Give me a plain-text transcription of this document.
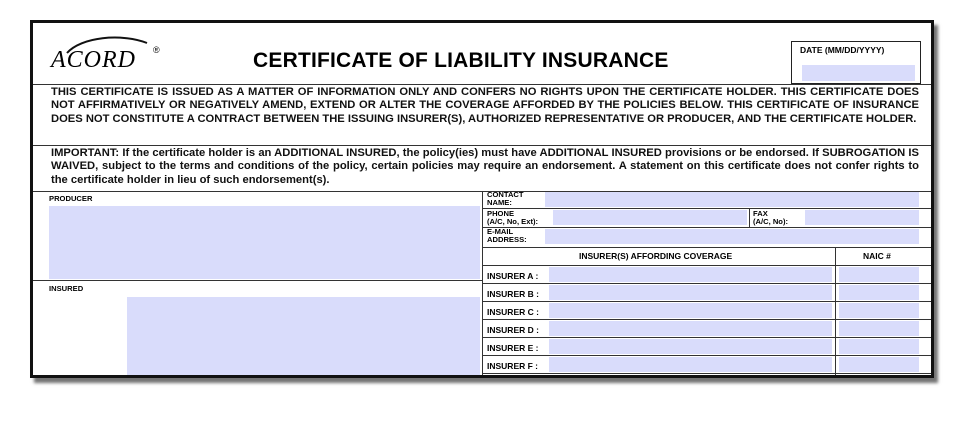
ACORD ®	CERTIFICATE OF LIABILITY INSURANCE	DATE (MM/DD/YYYY)
THIS CERTIFICATE IS ISSUED AS A MATTER OF INFORMATION ONLY AND CONFERS NO RIGHTS UPON THE CERTIFICATE HOLDER. THIS CERTIFICATE DOES NOT AFFIRMATIVELY OR NEGATIVELY AMEND, EXTEND OR ALTER THE COVERAGE AFFORDED BY THE POLICIES BELOW. THIS CERTIFICATE OF INSURANCE DOES NOT CONSTITUTE A CONTRACT BETWEEN THE ISSUING INSURER(S), AUTHORIZED REPRESENTATIVE OR PRODUCER, AND THE CERTIFICATE HOLDER.
IMPORTANT: If the certificate holder is an ADDITIONAL INSURED, the policy(ies) must have ADDITIONAL INSURED provisions or be endorsed. If SUBROGATION IS WAIVED, subject to the terms and conditions of the policy, certain policies may require an endorsement. A statement on this certificate does not confer rights to the certificate holder in lieu of such endorsement(s).
PRODUCER
INSURED
CONTACT
NAME:
PHONE
(A/C, No, Ext):
FAX
(A/C, No):
E-MAIL
ADDRESS:
INSURER(S) AFFORDING COVERAGE	NAIC #
INSURER A :
INSURER B :
INSURER C :
INSURER D :
INSURER E :
INSURER F :
